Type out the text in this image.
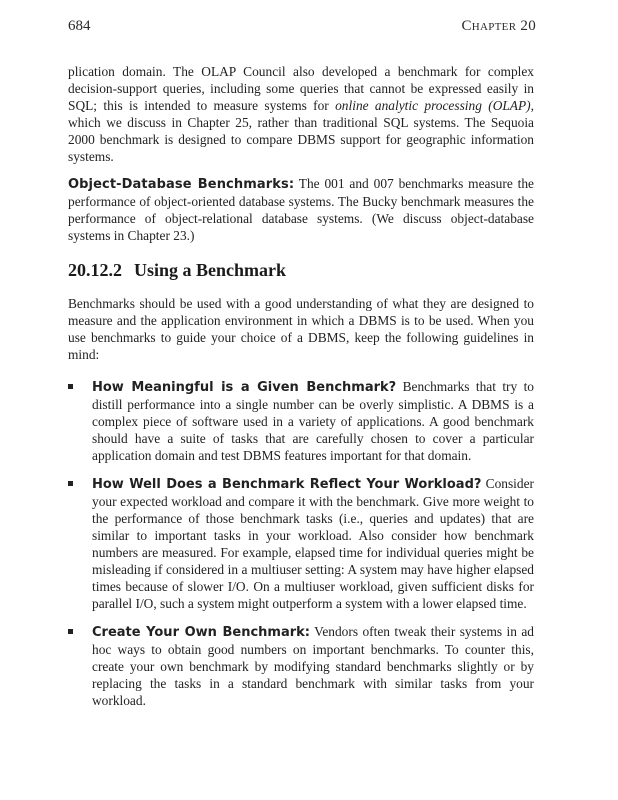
684	Chapter 20

plication domain. The OLAP Council also developed a benchmark for complex decision-support queries, including some queries that cannot be expressed easily in SQL; this is intended to measure systems for online analytic processing (OLAP), which we discuss in Chapter 25, rather than traditional SQL systems. The Sequoia 2000 benchmark is designed to compare DBMS support for geographic information systems.

Object-Database Benchmarks: The 001 and 007 benchmarks measure the performance of object-oriented database systems. The Bucky benchmark measures the performance of object-relational database systems. (We discuss object-database systems in Chapter 23.)

20.12.2 Using a Benchmark

Benchmarks should be used with a good understanding of what they are designed to measure and the application environment in which a DBMS is to be used. When you use benchmarks to guide your choice of a DBMS, keep the following guidelines in mind:

How Meaningful is a Given Benchmark? Benchmarks that try to distill performance into a single number can be overly simplistic. A DBMS is a complex piece of software used in a variety of applications. A good benchmark should have a suite of tasks that are carefully chosen to cover a particular application domain and test DBMS features important for that domain.
How Well Does a Benchmark Reflect Your Workload? Consider your expected workload and compare it with the benchmark. Give more weight to the performance of those benchmark tasks (i.e., queries and updates) that are similar to important tasks in your workload. Also consider how benchmark numbers are measured. For example, elapsed time for individual queries might be misleading if considered in a multiuser setting: A system may have higher elapsed times because of slower I/O. On a multiuser workload, given sufficient disks for parallel I/O, such a system might outperform a system with a lower elapsed time.
Create Your Own Benchmark: Vendors often tweak their systems in ad hoc ways to obtain good numbers on important benchmarks. To counter this, create your own benchmark by modifying standard benchmarks slightly or by replacing the tasks in a standard benchmark with similar tasks from your workload.
